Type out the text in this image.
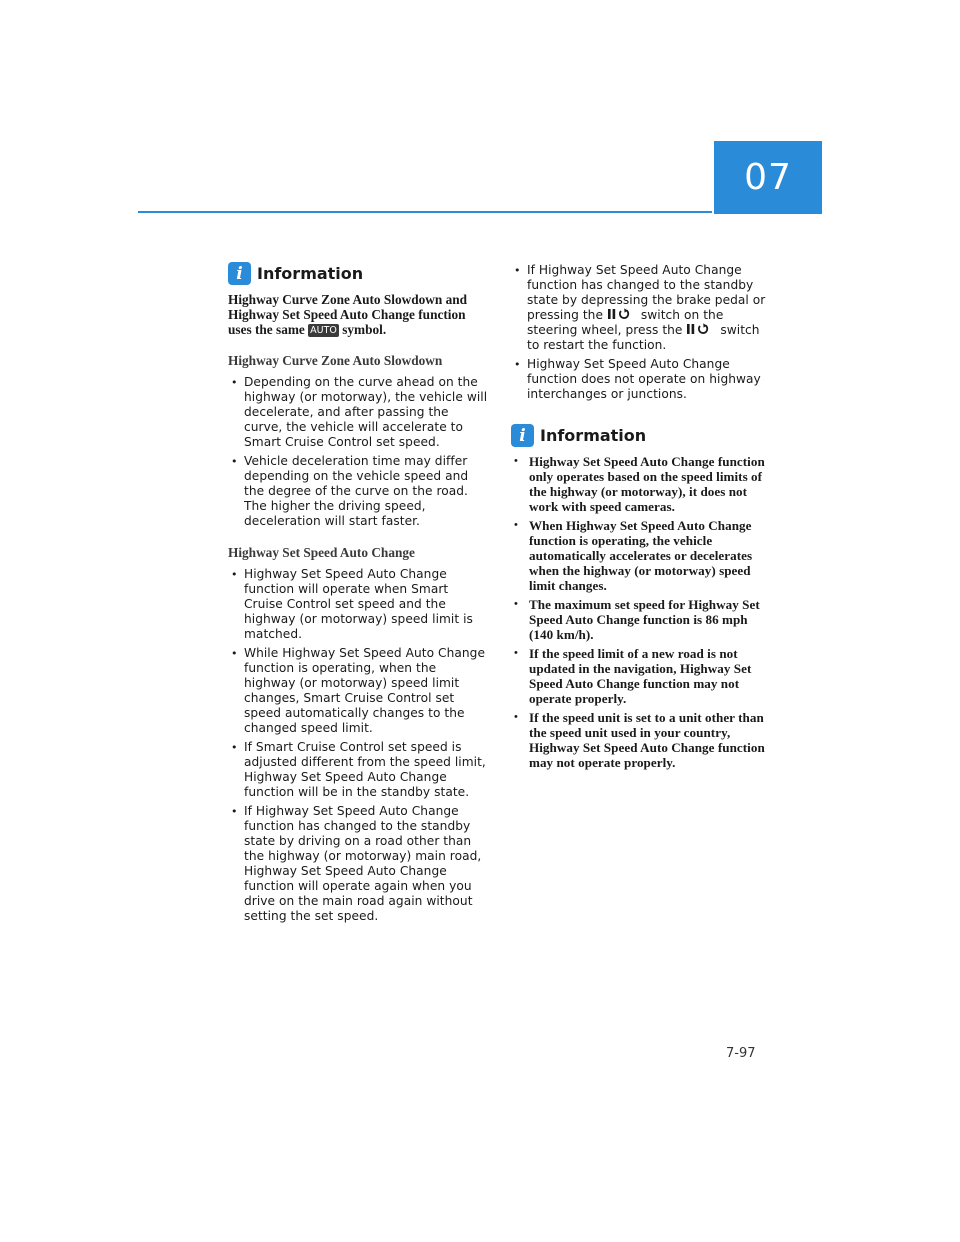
07
i Information
Highway Curve Zone Auto Slowdown and Highway Set Speed Auto Change function uses the same AUTO symbol.
Highway Curve Zone Auto Slowdown
• Depending on the curve ahead on the highway (or motorway), the vehicle will decelerate, and after passing the curve, the vehicle will accelerate to Smart Cruise Control set speed.
• Vehicle deceleration time may differ depending on the vehicle speed and the degree of the curve on the road. The higher the driving speed, deceleration will start faster.
Highway Set Speed Auto Change
• Highway Set Speed Auto Change function will operate when Smart Cruise Control set speed and the highway (or motorway) speed limit is matched.
• While Highway Set Speed Auto Change function is operating, when the highway (or motorway) speed limit changes, Smart Cruise Control set speed automatically changes to the changed speed limit.
• If Smart Cruise Control set speed is adjusted different from the speed limit, Highway Set Speed Auto Change function will be in the standby state.
• If Highway Set Speed Auto Change function has changed to the standby state by driving on a road other than the highway (or motorway) main road, Highway Set Speed Auto Change function will operate again when you drive on the main road again without setting the set speed.
• If Highway Set Speed Auto Change function has changed to the standby state by depressing the brake pedal or pressing the	switch on the steering wheel, press the	switch to restart the function.
• Highway Set Speed Auto Change function does not operate on highway interchanges or junctions.
i Information
• Highway Set Speed Auto Change function only operates based on the speed limits of the highway (or motorway), it does not work with speed cameras.
• When Highway Set Speed Auto Change function is operating, the vehicle automatically accelerates or decelerates when the highway (or motorway) speed limit changes.
• The maximum set speed for Highway Set Speed Auto Change function is 86 mph (140 km/h).
• If the speed limit of a new road is not updated in the navigation, Highway Set Speed Auto Change function may not operate properly.
• If the speed unit is set to a unit other than the speed unit used in your country, Highway Set Speed Auto Change function may not operate properly.
7-97
